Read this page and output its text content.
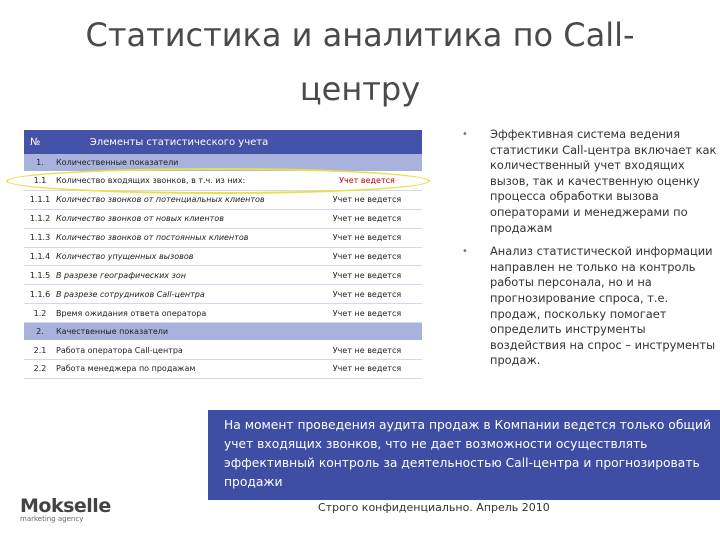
Статистика и аналитика по Call-центру
№	Элементы статистического учета
1.	Количественные показатели
1.1	Количество входящих звонков, в т.ч. из них:	Учет ведется
1.1.1 Количество звонков от потенциальных клиентов	Учет не ведется
1.1.2 Количество звонков от новых клиентов	Учет не ведется
1.1.3 Количество звонков от постоянных клиентов	Учет не ведется
1.1.4 Количество упущенных вызовов	Учет не ведется
1.1.5 В разрезе географических зон	Учет не ведется
1.1.6 В разрезе сотрудников Call-центра	Учет не ведется
1.2	Время ожидания ответа оператора	Учет не ведется
2.	Качественные показатели
2.1	Работа оператора Call-центра	Учет не ведется
2.2	Работа менеджера по продажам	Учет не ведется
•	Эффективная система ведения статистики Call-центра включает как количественный учет входящих вызов, так и качественную оценку процесса обработки вызова операторами и менеджерами по продажам
•	Анализ статистической информации направлен не только на контроль работы персонала, но и на прогнозирование спроса, т.е. продаж, поскольку помогает определить инструменты воздействия на спрос – инструменты продаж.
На момент проведения аудита продаж в Компании ведется только общий учет входящих звонков, что не дает возможности осуществлять эффективный контроль за деятельностью Call-центра и прогнозировать продажи
Mokselle
marketing agency
Строго конфиденциально. Апрель 2010
